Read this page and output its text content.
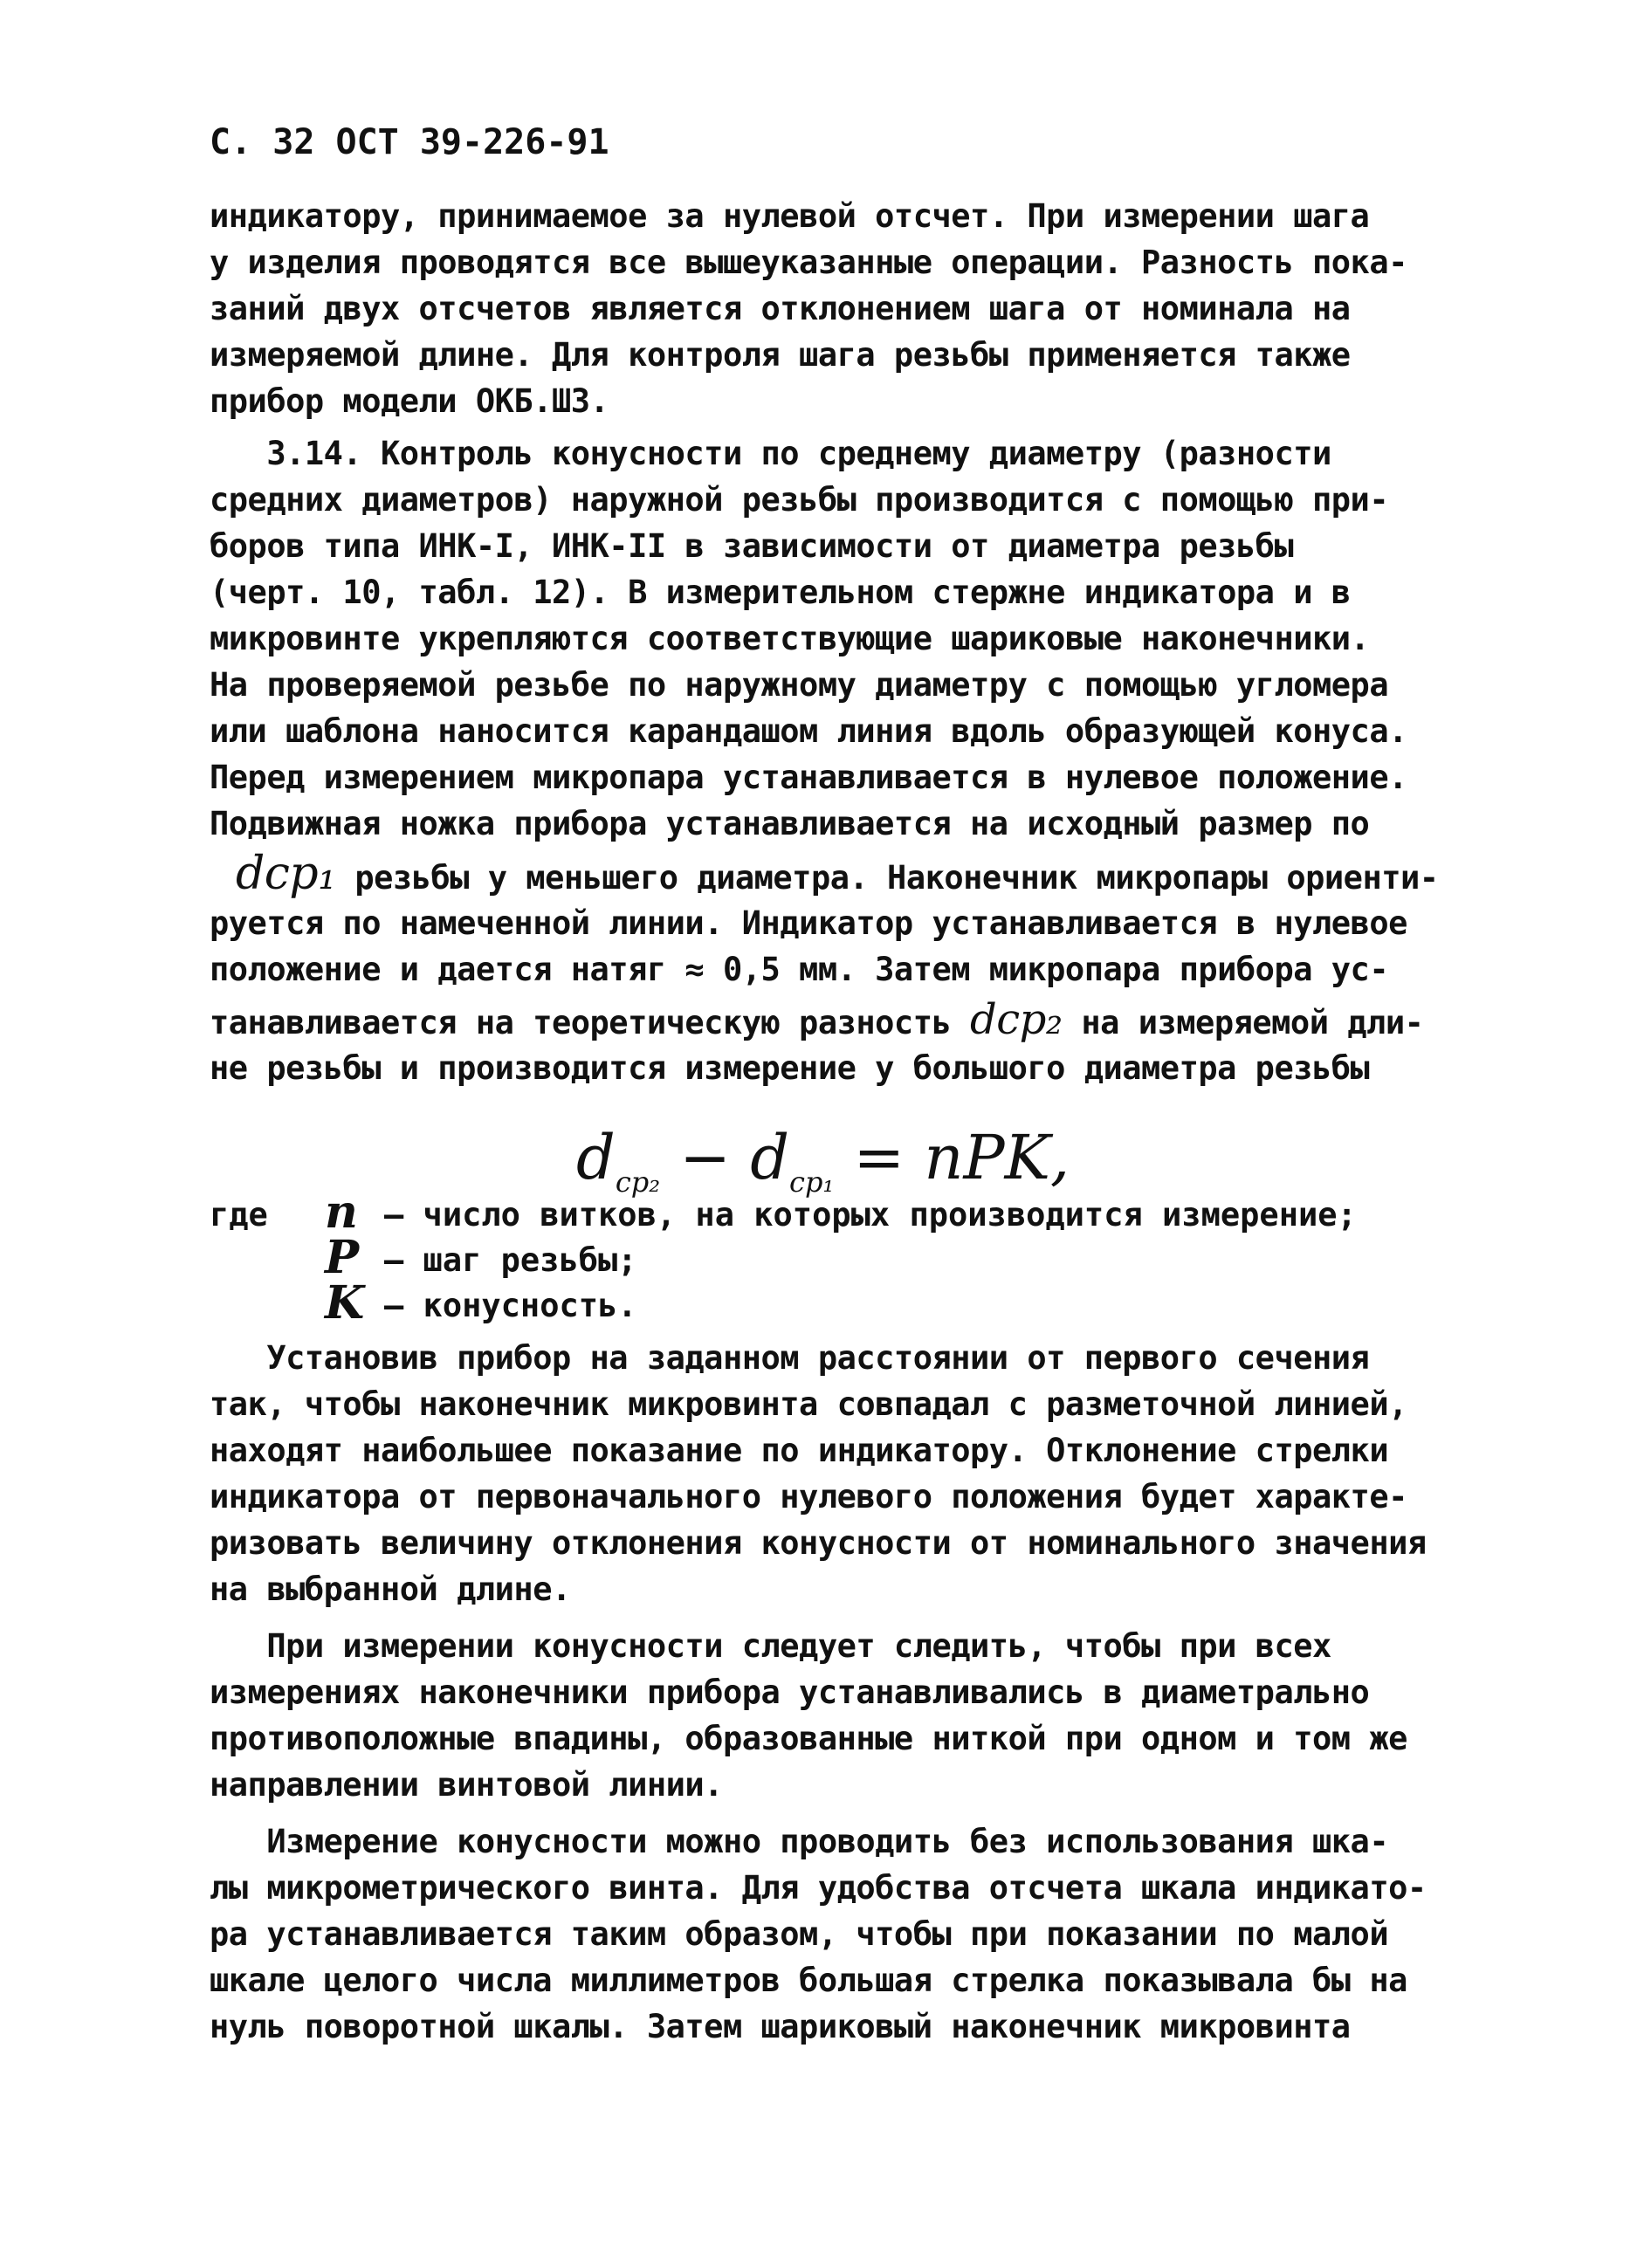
С. 32 ОСТ 39-226-91
индикатору, принимаемое за нулевой отсчет. При измерении шага
у изделия проводятся все вышеуказанные операции. Разность пока-
заний двух отсчетов является отклонением шага от номинала на
измеряемой длине. Для контроля шага резьбы применяется также
прибор модели ОКБ.ШЗ.
3.14. Контроль конусности по среднему диаметру (разности
средних диаметров) наружной резьбы производится с помощью при-
боров типа ИНК-I, ИНК-II в зависимости от диаметра резьбы
(черт. 10, табл. 12). В измерительном стержне индикатора и в
микровинте укрепляются соответствующие шариковые наконечники.
На проверяемой резьбе по наружному диаметру с помощью угломера
или шаблона наносится карандашом линия вдоль образующей конуса.
Перед измерением микропара устанавливается в нулевое положение.
Подвижная ножка прибора устанавливается на исходный размер по
dср₁ резьбы у меньшего диаметра. Наконечник микропары ориенти-
руется по намеченной линии. Индикатор устанавливается в нулевое
положение и дается натяг ≈ 0,5 мм. Затем микропара прибора ус-
танавливается на теоретическую разность dср₂ на измеряемой дли-
не резьбы и производится измерение у большого диаметра резьбы
$d_{ср_2} - d_{ср_1}$ = nPK,

где

n

– число витков, на которых производится измерение;

P

– шаг резьбы;

K

– конусность.

Установив прибор на заданном расстоянии от первого сечения
так, чтобы наконечник микровинта совпадал с разметочной линией,
находят наибольшее показание по индикатору. Отклонение стрелки
индикатора от первоначального нулевого положения будет характе-
ризовать величину отклонения конусности от номинального значения
на выбранной длине.
При измерении конусности следует следить, чтобы при всех
измерениях наконечники прибора устанавливались в диаметрально
противоположные впадины, образованные ниткой при одном и том же
направлении винтовой линии.
Измерение конусности можно проводить без использования шка-
лы микрометрического винта. Для удобства отсчета шкала индикато-
ра устанавливается таким образом, чтобы при показании по малой
шкале целого числа миллиметров большая стрелка показывала бы на
нуль поворотной шкалы. Затем шариковый наконечник микровинта
